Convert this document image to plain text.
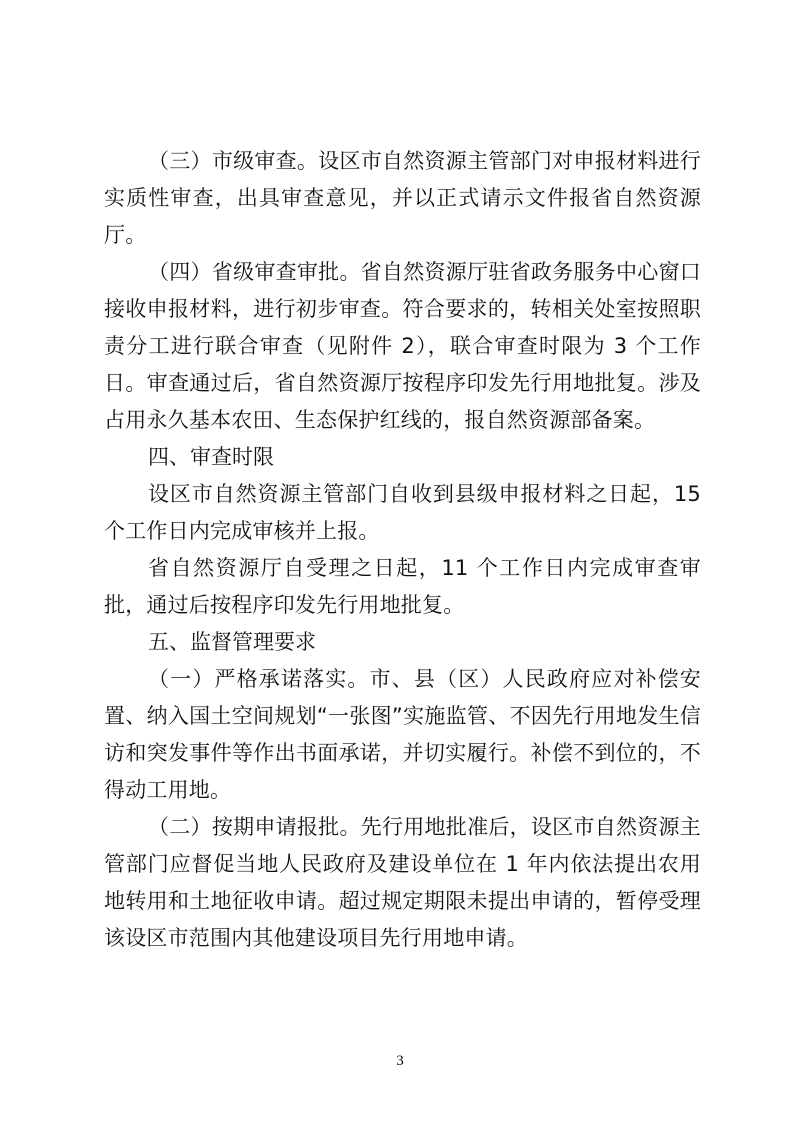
（三）市级审查。设区市自然资源主管部门对申报材料进行实质性审查，出具审查意见，并以正式请示文件报省自然资源厅。

（四）省级审查审批。省自然资源厅驻省政务服务中心窗口接收申报材料，进行初步审查。符合要求的，转相关处室按照职责分工进行联合审查（见附件 2），联合审查时限为 3 个工作日。审查通过后，省自然资源厅按程序印发先行用地批复。涉及占用永久基本农田、生态保护红线的，报自然资源部备案。

四、审查时限

设区市自然资源主管部门自收到县级申报材料之日起，15 个工作日内完成审核并上报。

省自然资源厅自受理之日起，11 个工作日内完成审查审批，通过后按程序印发先行用地批复。

五、监督管理要求

（一）严格承诺落实。市、县（区）人民政府应对补偿安置、纳入国土空间规划“一张图”实施监管、不因先行用地发生信访和突发事件等作出书面承诺，并切实履行。补偿不到位的，不得动工用地。

（二）按期申请报批。先行用地批准后，设区市自然资源主管部门应督促当地人民政府及建设单位在 1 年内依法提出农用地转用和土地征收申请。超过规定期限未提出申请的，暂停受理该设区市范围内其他建设项目先行用地申请。

3
